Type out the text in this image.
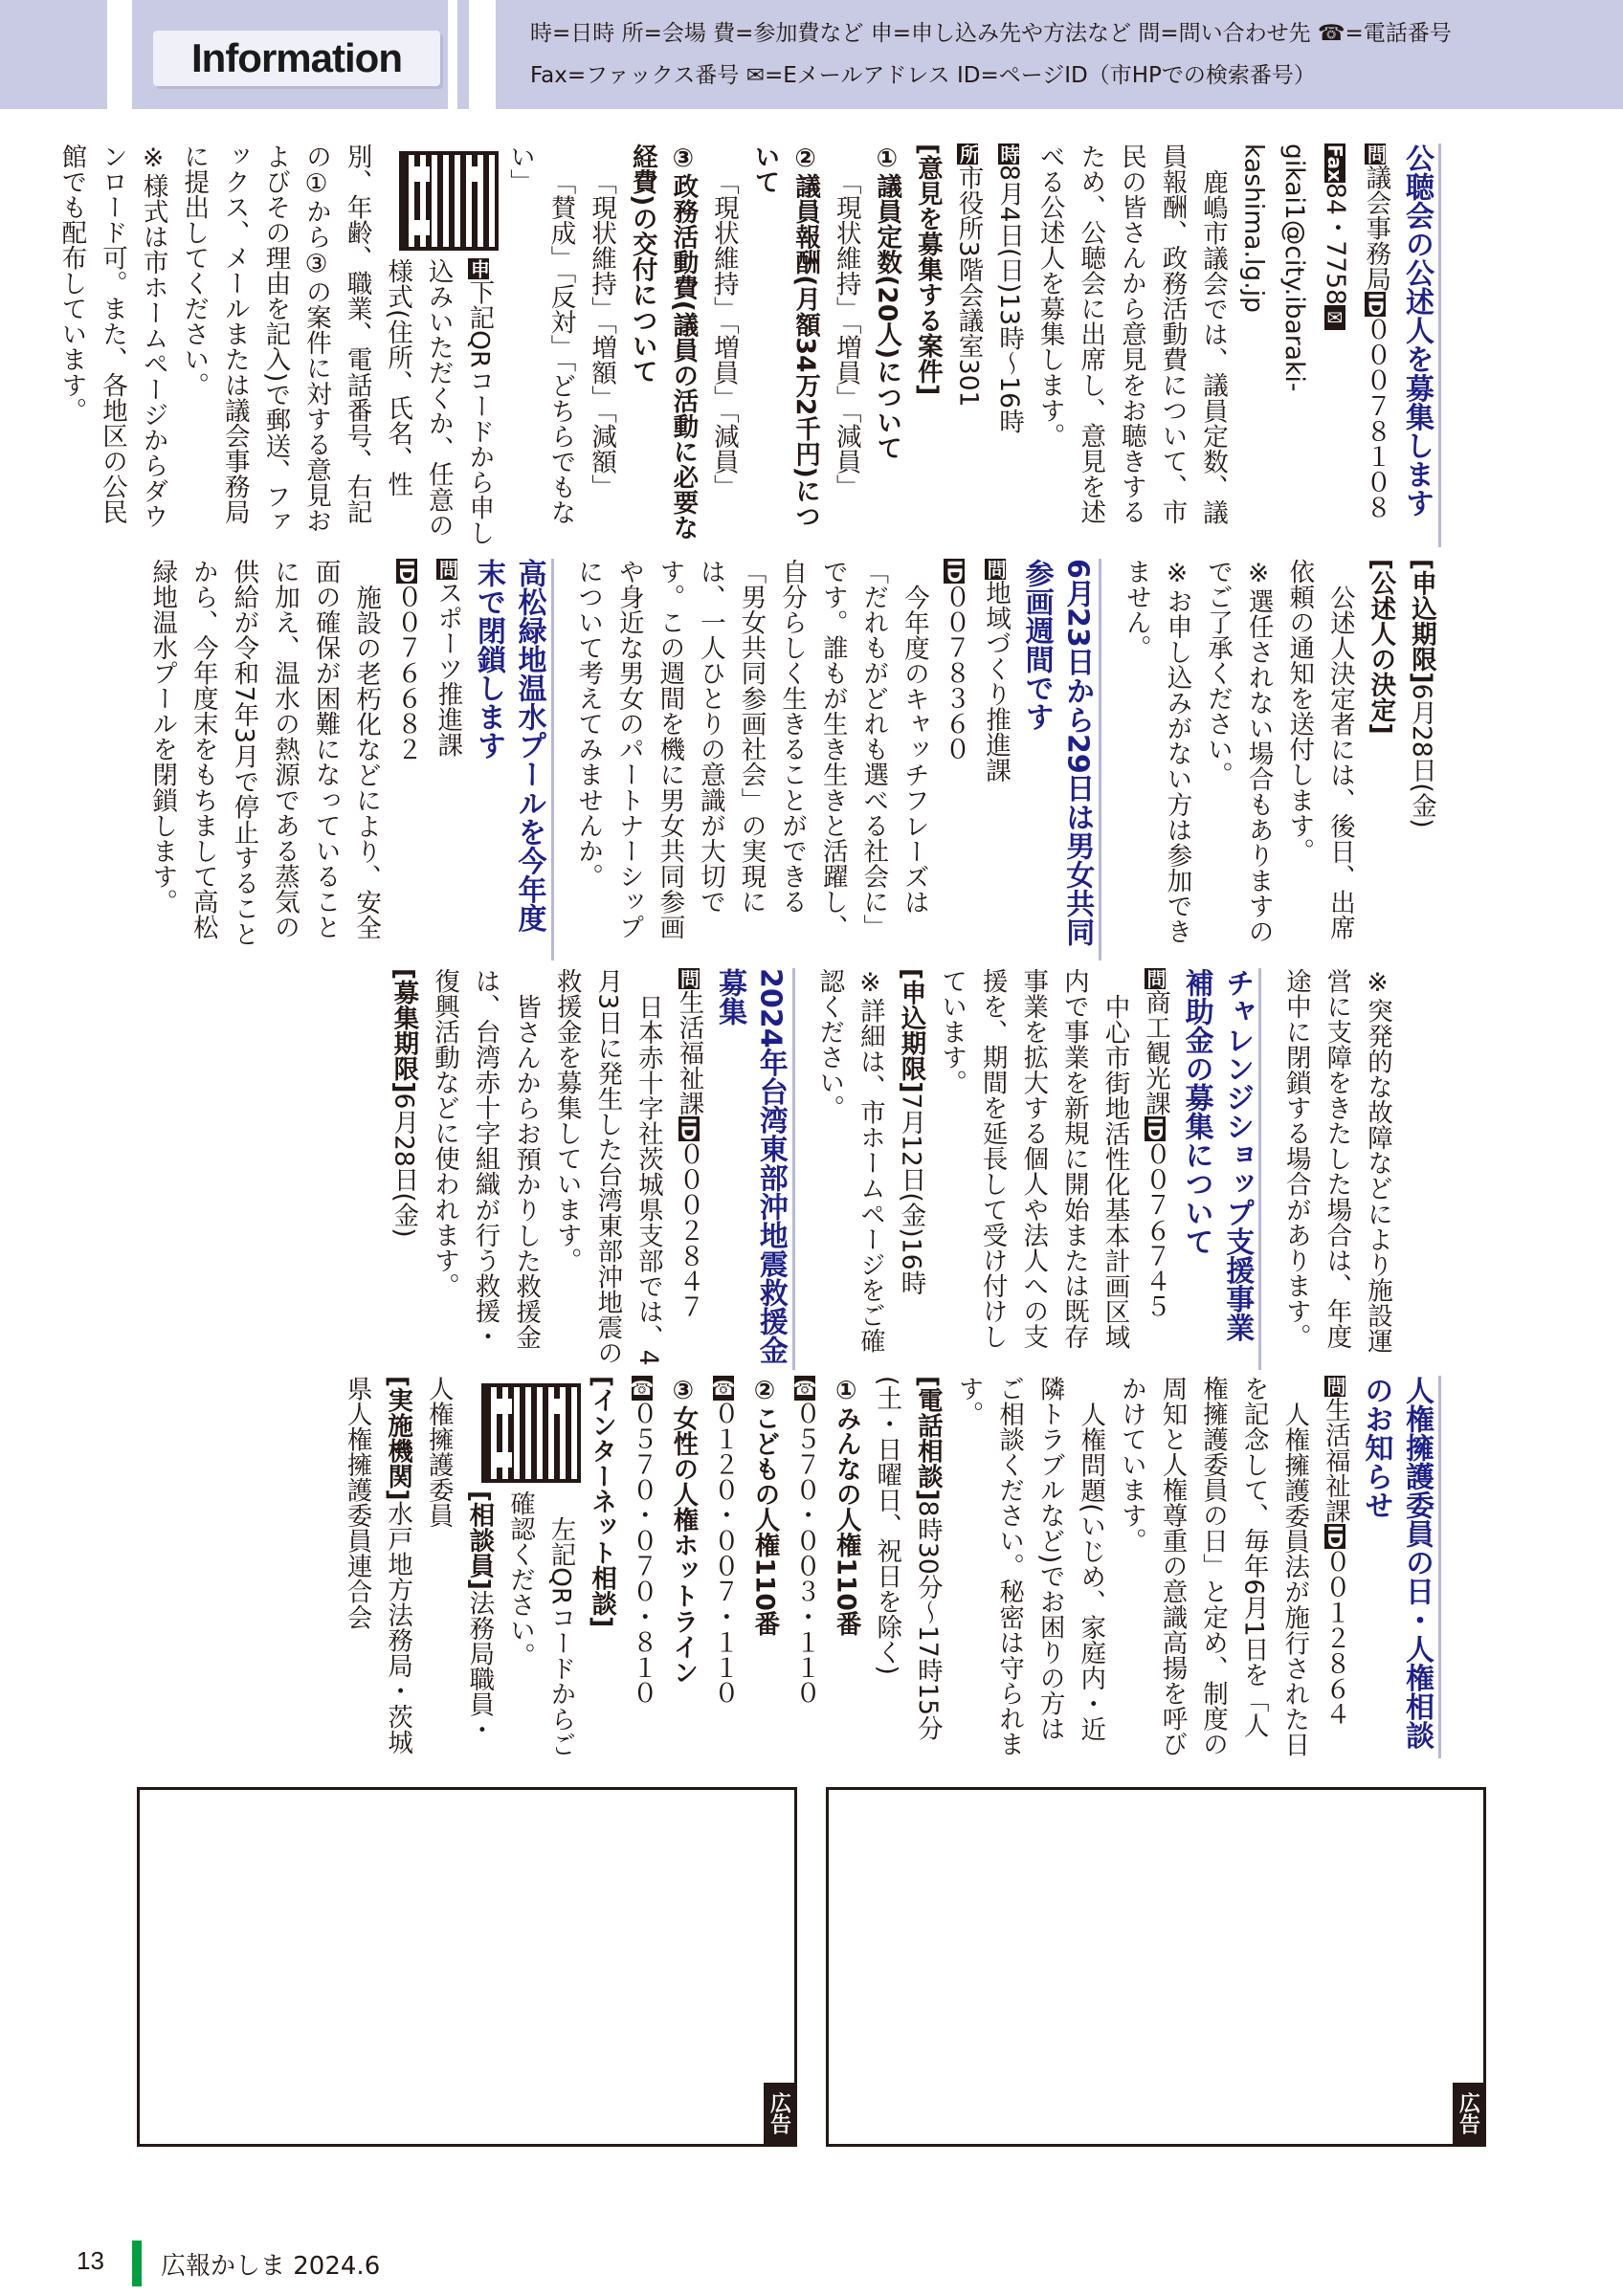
Information
時=日時 所=会場 費=参加費など 申=申し込み先や方法など 問=問い合わせ先 ☎=電話番号
Fax=ファックス番号 ✉=Eメールアドレス ID=ページID（市HPでの検索番号）
公聴会の公述人を募集します
問議会事務局ID０００７８１０８
Fax84・7758✉gikai1@city.ibaraki-kashima.lg.jp
鹿嶋市議会では、議員定数、議員報酬、政務活動費について、市民の皆さんから意見をお聴きするため、公聴会に出席し、意見を述べる公述人を募集します。
時8月4日(日)13時～16時
所市役所3階会議室301
[意見を募集する案件]
①議員定数(20人)について
「現状維持」「増員」「減員」
②議員報酬(月額34万2千円)について
「現状維持」「増員」「減員」
③政務活動費(議員の活動に必要な経費)の交付について
「現状維持」「増額」「減額」
「賛成」「反対」「どちらでもない」
申
下記QRコードから申し込みいただくか、任意の様式(住所、氏名、性別、年齢、職業、電話番号、右記の①から③の案件に対する意見およびその理由を記入)で郵送、ファックス、メールまたは議会事務局に提出してください。
※様式は市ホームページからダウンロード可。また、各地区の公民館でも配布しています。
[申込期限]6月28日(金)
[公述人の決定]
公述人決定者には、後日、出席依頼の通知を送付します。
※選任されない場合もありますのでご了承ください。
※お申し込みがない方は参加できません。

6月23日から29日は男女共同参画週間です
問地域づくり推進課
ID００７８３６０
今年度のキャッチフレーズは「だれもがどれも選べる社会に」です。誰もが生き生きと活躍し、自分らしく生きることができる「男女共同参画社会」の実現には、一人ひとりの意識が大切です。この週間を機に男女共同参画や身近な男女のパートナーシップについて考えてみませんか。

高松緑地温水プールを今年度末で閉鎖します
問スポーツ推進課
ID００７６６８２
施設の老朽化などにより、安全面の確保が困難になっていることに加え、温水の熱源である蒸気の供給が令和7年3月で停止することから、今年度末をもちまして高松緑地温水プールを閉鎖します。
※突発的な故障などにより施設運営に支障をきたした場合は、年度途中に閉鎖する場合があります。

チャレンジショップ支援事業補助金の募集について
問商工観光課ID００７６７４５
中心市街地活性化基本計画区域内で事業を新規に開始または既存事業を拡大する個人や法人への支援を、期間を延長して受け付けしています。
[申込期限]7月12日(金)16時
※詳細は、市ホームページをご確認ください。

2024年台湾東部沖地震救援金募集
問生活福祉課ID０００２８４７
日本赤十字社茨城県支部では、4月3日に発生した台湾東部沖地震の救援金を募集しています。
皆さんからお預かりした救援金は、台湾赤十字組織が行う救援・復興活動などに使われます。
[募集期限]6月28日(金)
人権擁護委員の日・人権相談のお知らせ
問生活福祉課ID００１２８６４
人権擁護委員法が施行された日を記念して、毎年6月1日を「人権擁護委員の日」と定め、制度の周知と人権尊重の意識高揚を呼びかけています。
人権問題(いじめ、家庭内・近隣トラブルなど)でお困りの方はご相談ください。秘密は守られます。
[電話相談]8時30分～17時15分(土・日曜日、祝日を除く)
①みんなの人権110番
☎０５７０・００３・１１０
②こどもの人権110番
☎０１２０・００７・１１０
③女性の人権ホットライン
☎０５７０・０７０・８１０
[インターネット相談]
左記QRコードからご確認ください。
[相談員]法務局職員・人権擁護委員
[実施機関]水戸地方法務局・茨城県人権擁護委員連合会
広告	広告
13 広報かしま 2024.6
